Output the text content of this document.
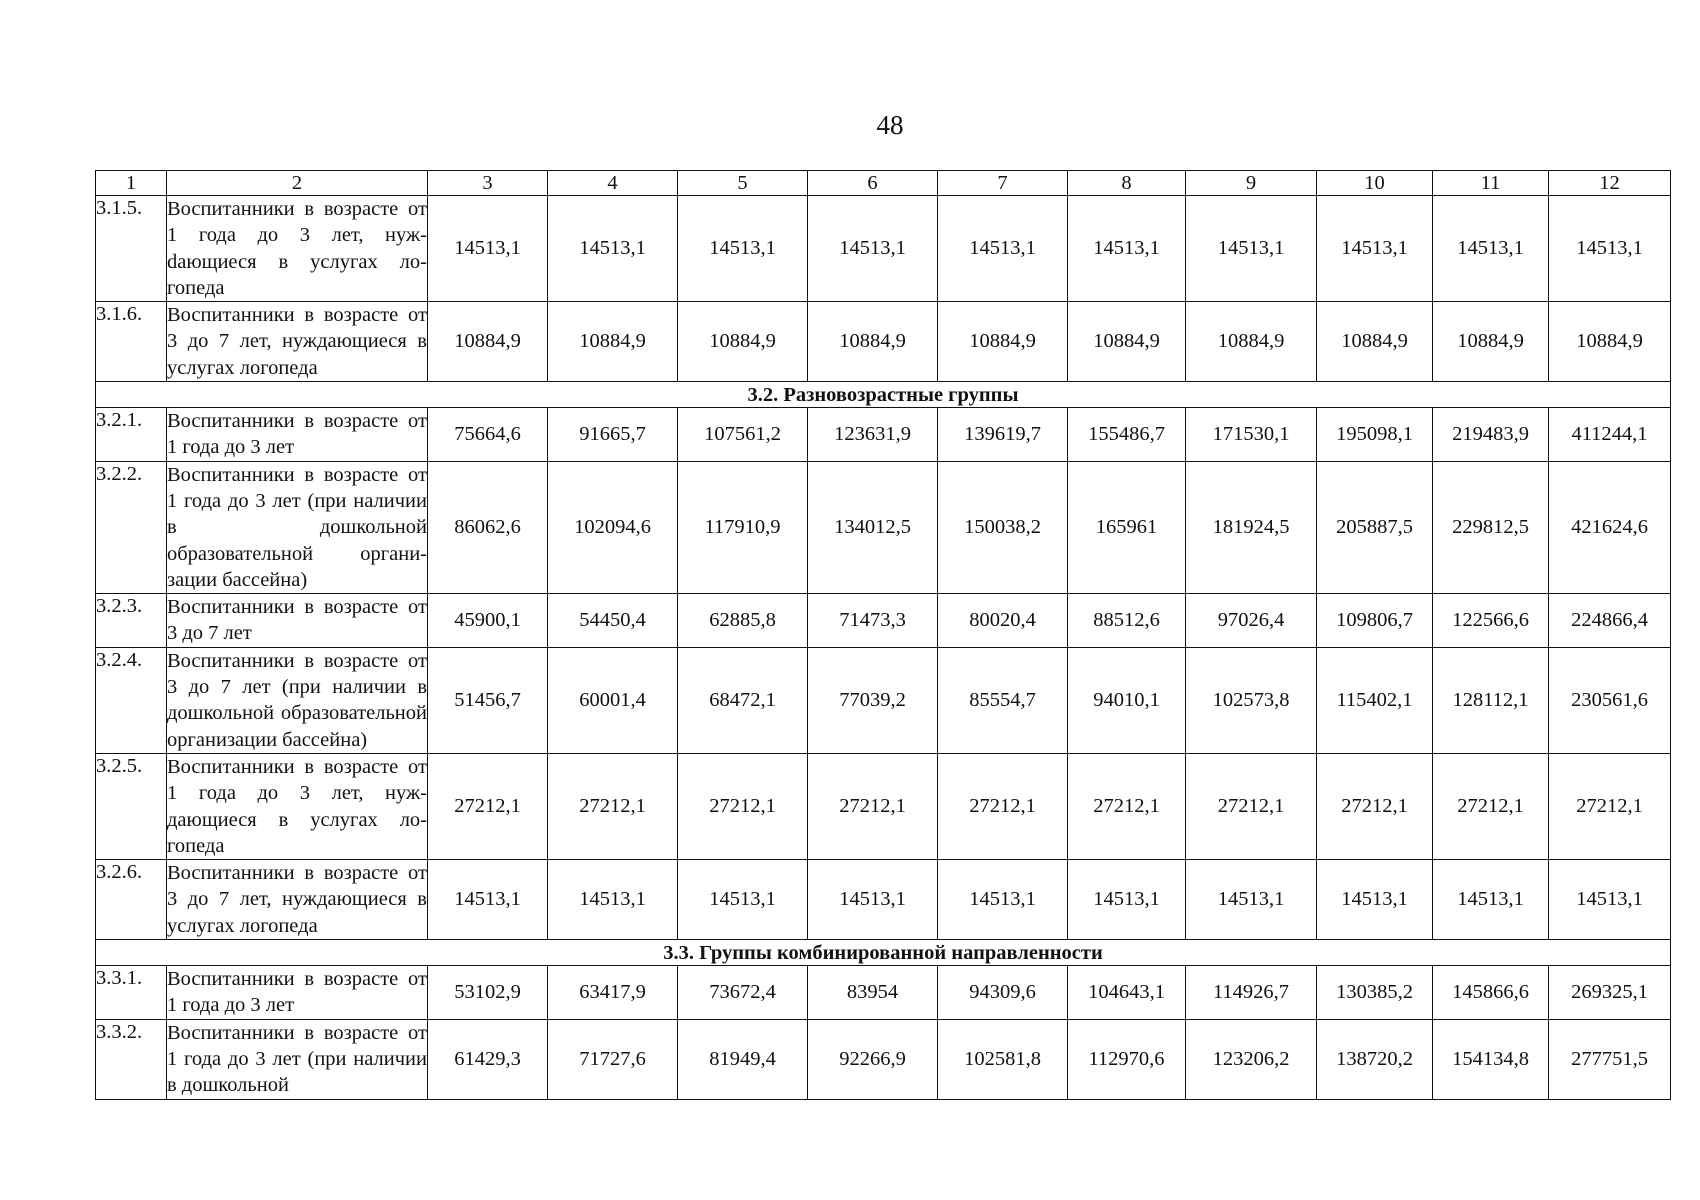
48
1	2	3	4	5	6	7	8	9	10	11	12
3.1.5.	Воспитанники в возрасте от 1 года до 3 лет, нужdающиеся в услугах логопеда	14513,1	14513,1	14513,1	14513,1	14513,1	14513,1	14513,1	14513,1	14513,1	14513,1
3.1.6.	Воспитанники в возрасте от 3 до 7 лет, нуждающиеся в услугах логопеда	10884,9	10884,9	10884,9	10884,9	10884,9	10884,9	10884,9	10884,9	10884,9	10884,9
3.2. Разновозрастные группы											
3.2.1.	Воспитанники в возрасте от 1 года до 3 лет	75664,6	91665,7	107561,2	123631,9	139619,7	155486,7	171530,1	195098,1	219483,9	411244,1
3.2.2.	Воспитанники в возрасте от 1 года до 3 лет (при наличии в дошкольной образовательной организации бассейна)	86062,6	102094,6	117910,9	134012,5	150038,2	165961	181924,5	205887,5	229812,5	421624,6
3.2.3.	Воспитанники в возрасте от 3 до 7 лет	45900,1	54450,4	62885,8	71473,3	80020,4	88512,6	97026,4	109806,7	122566,6	224866,4
3.2.4.	Воспитанники в возрасте от 3 до 7 лет (при наличии в дошкольной образовательной организации бассейна)	51456,7	60001,4	68472,1	77039,2	85554,7	94010,1	102573,8	115402,1	128112,1	230561,6
3.2.5.	Воспитанники в возрасте от 1 года до 3 лет, нуждающиеся в услугах логопеда	27212,1	27212,1	27212,1	27212,1	27212,1	27212,1	27212,1	27212,1	27212,1	27212,1
3.2.6.	Воспитанники в возрасте от 3 до 7 лет, нуждающиеся в услугах логопеда	14513,1	14513,1	14513,1	14513,1	14513,1	14513,1	14513,1	14513,1	14513,1	14513,1
3.3. Группы комбинированной направленности											
3.3.1.	Воспитанники в возрасте от 1 года до 3 лет	53102,9	63417,9	73672,4	83954	94309,6	104643,1	114926,7	130385,2	145866,6	269325,1
3.3.2.	Воспитанники в возрасте от 1 года до 3 лет (при наличии в дошкольной	61429,3	71727,6	81949,4	92266,9	102581,8	112970,6	123206,2	138720,2	154134,8	277751,5
